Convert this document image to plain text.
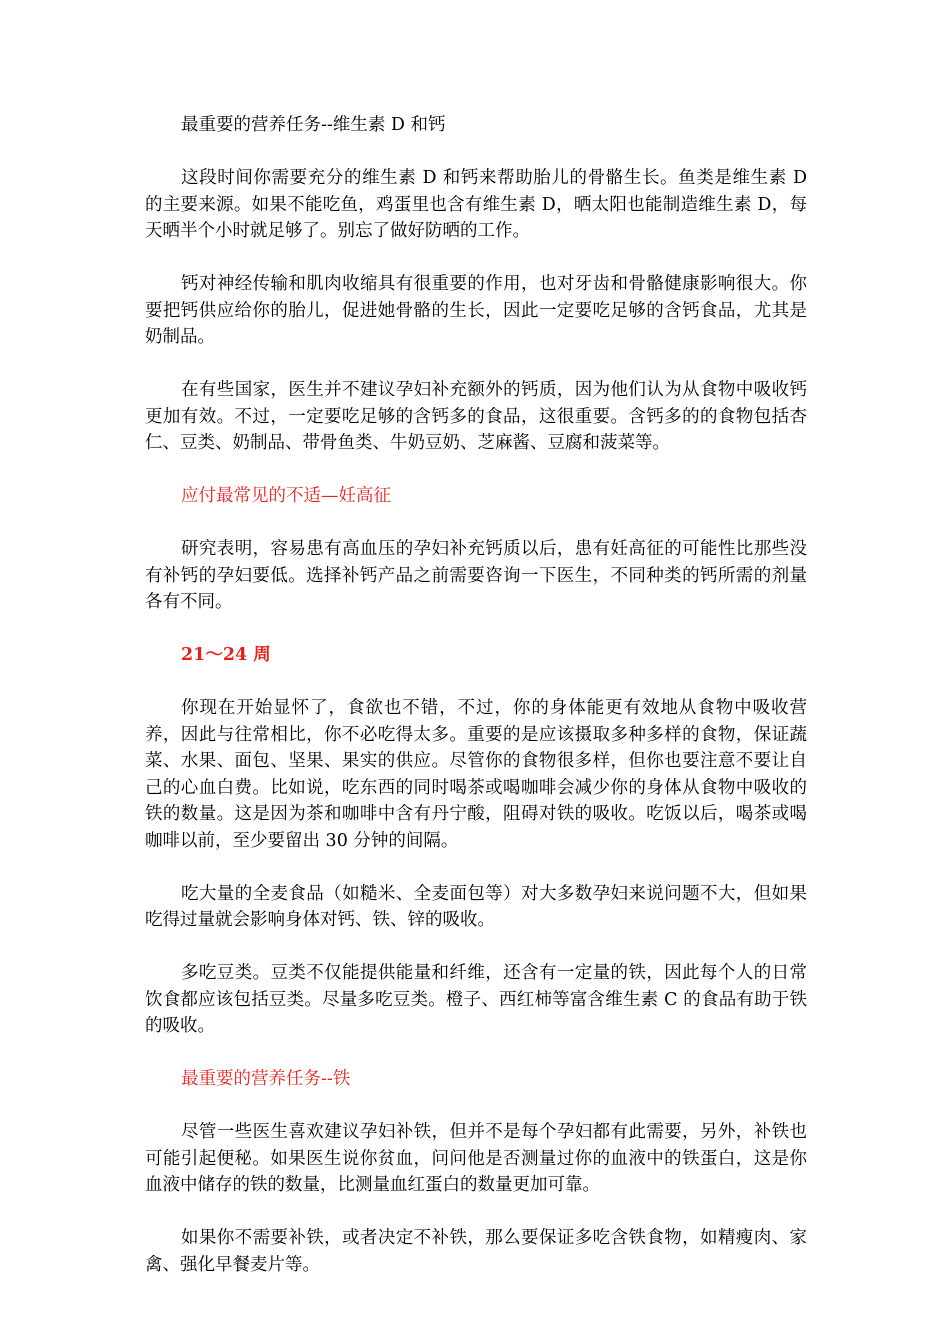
最重要的营养任务--维生素 D 和钙

这段时间你需要充分的维生素 D 和钙来帮助胎儿的骨骼生长。鱼类是维生素 D 的主要来源。如果不能吃鱼，鸡蛋里也含有维生素 D，晒太阳也能制造维生素 D，每天晒半个小时就足够了。别忘了做好防晒的工作。

钙对神经传输和肌肉收缩具有很重要的作用，也对牙齿和骨骼健康影响很大。你要把钙供应给你的胎儿，促进她骨骼的生长，因此一定要吃足够的含钙食品，尤其是奶制品。

在有些国家，医生并不建议孕妇补充额外的钙质，因为他们认为从食物中吸收钙更加有效。不过，一定要吃足够的含钙多的食品，这很重要。含钙多的的食物包括杏仁、豆类、奶制品、带骨鱼类、牛奶豆奶、芝麻酱、豆腐和菠菜等。

应付最常见的不适—妊高征

研究表明，容易患有高血压的孕妇补充钙质以后，患有妊高征的可能性比那些没有补钙的孕妇要低。选择补钙产品之前需要咨询一下医生，不同种类的钙所需的剂量各有不同。

21～24 周

你现在开始显怀了，食欲也不错，不过，你的身体能更有效地从食物中吸收营养，因此与往常相比，你不必吃得太多。重要的是应该摄取多种多样的食物，保证蔬菜、水果、面包、坚果、果实的供应。尽管你的食物很多样，但你也要注意不要让自己的心血白费。比如说，吃东西的同时喝茶或喝咖啡会减少你的身体从食物中吸收的铁的数量。这是因为茶和咖啡中含有丹宁酸，阻碍对铁的吸收。吃饭以后，喝茶或喝咖啡以前，至少要留出 30 分钟的间隔。

吃大量的全麦食品（如糙米、全麦面包等）对大多数孕妇来说问题不大，但如果吃得过量就会影响身体对钙、铁、锌的吸收。

多吃豆类。豆类不仅能提供能量和纤维，还含有一定量的铁，因此每个人的日常饮食都应该包括豆类。尽量多吃豆类。橙子、西红柿等富含维生素 C 的食品有助于铁的吸收。

最重要的营养任务--铁

尽管一些医生喜欢建议孕妇补铁，但并不是每个孕妇都有此需要，另外，补铁也可能引起便秘。如果医生说你贫血，问问他是否测量过你的血液中的铁蛋白，这是你血液中储存的铁的数量，比测量血红蛋白的数量更加可靠。

如果你不需要补铁，或者决定不补铁，那么要保证多吃含铁食物，如精瘦肉、家禽、强化早餐麦片等。
